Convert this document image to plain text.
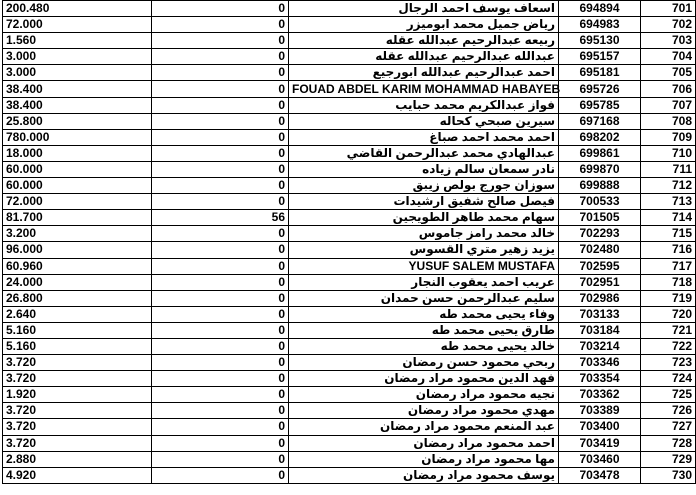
200.480	0	اسعاف يوسف احمد الرجال	694894	701
72.000	0	رياض جميل محمد ابوميزر	694983	702
1.560	0	ربيعه عبدالرحيم عبدالله عقله	695130	703
3.000	0	عبدالله عبدالرحيم عبدالله عقله	695157	704
3.000	0	احمد عبدالرحيم عبدالله ابورجيع	695181	705
38.400	0	FOUAD ABDEL KARIM MOHAMMAD HABAYEB	695726	706
38.400	0	فواز عبدالكريم محمد حبايب	695785	707
25.800	0	سيرين صبحي كحاله	697168	708
780.000	0	احمد محمد احمد صباغ	698202	709
18.000	0	عبدالهادي محمد عبدالرحمن القاضي	699861	710
60.000	0	نادر سمعان سالم زياده	699870	711
60.000	0	سوزان جورج بولص زيبق	699888	712
72.000	0	فيصل صالح شفيق ارشيدات	700533	713
81.700	56	سهام محمد طاهر الطويجين	701505	714
3.200	0	خالد محمد رامز جاموس	702293	715
96.000	0	يزيد زهير متري القسوس	702480	716
60.960	0	YUSUF SALEM MUSTAFA	702595	717
24.000	0	عريب احمد يعقوب النجار	702951	718
26.800	0	سليم عبدالرحمن حسن حمدان	702986	719
2.640	0	وفاء يحيى محمد طه	703133	720
5.160	0	طارق يحيى محمد طه	703184	721
5.160	0	خالد يحيى محمد طه	703214	722
3.720	0	ربحي محمود حسن رمضان	703346	723
3.720	0	فهد الدين محمود مراد رمضان	703354	724
1.920	0	نجيه محمود مراد رمضان	703362	725
3.720	0	مهدي محمود مراد رمضان	703389	726
3.720	0	عبد المنعم محمود مراد رمضان	703400	727
3.720	0	احمد محمود مراد رمضان	703419	728
2.880	0	مها محمود مراد رمضان	703460	729
4.920	0	يوسف محمود مراد رمضان	703478	730
